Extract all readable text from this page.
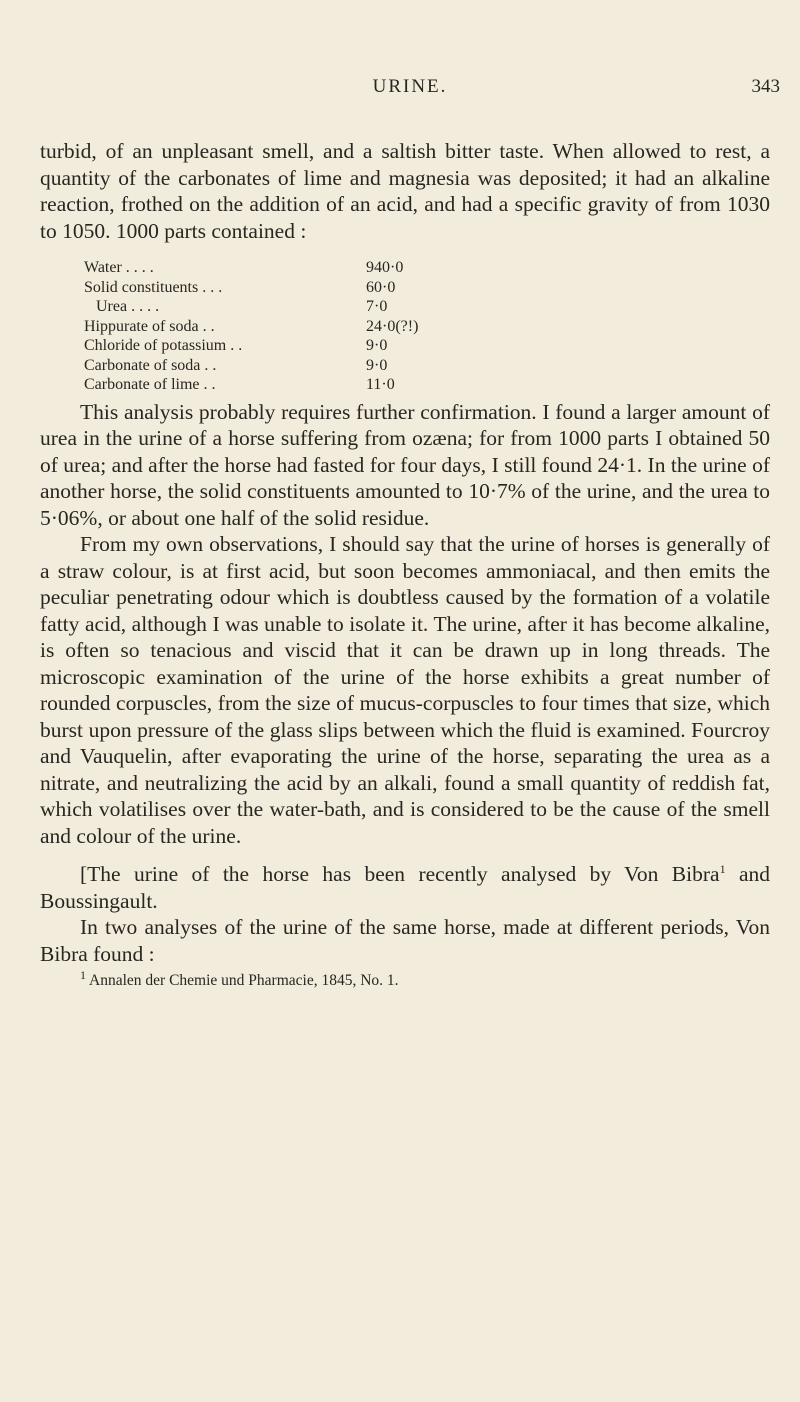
URINE.	343

turbid, of an unpleasant smell, and a saltish bitter taste. When allowed to rest, a quantity of the carbonates of lime and magnesia was deposited; it had an alkaline reaction, frothed on the addition of an acid, and had a specific gravity of from 1030 to 1050. 1000 parts contained :

Water . . . .	940·0
Solid constituents . . .	60·0
Urea . . . .	7·0
Hippurate of soda . .	24·0(?!)
Chloride of potassium . .	9·0
Carbonate of soda . .	9·0
Carbonate of lime . .	11·0

This analysis probably requires further confirmation. I found a larger amount of urea in the urine of a horse suffering from ozæna; for from 1000 parts I obtained 50 of urea; and after the horse had fasted for four days, I still found 24·1. In the urine of another horse, the solid constituents amounted to 10·7% of the urine, and the urea to 5·06%, or about one half of the solid residue.

From my own observations, I should say that the urine of horses is generally of a straw colour, is at first acid, but soon becomes ammoniacal, and then emits the peculiar penetrating odour which is doubtless caused by the formation of a volatile fatty acid, although I was unable to isolate it. The urine, after it has become alkaline, is often so tenacious and viscid that it can be drawn up in long threads. The microscopic examination of the urine of the horse exhibits a great number of rounded corpuscles, from the size of mucus-corpuscles to four times that size, which burst upon pressure of the glass slips between which the fluid is examined. Fourcroy and Vauquelin, after evaporating the urine of the horse, separating the urea as a nitrate, and neutralizing the acid by an alkali, found a small quantity of reddish fat, which volatilises over the water-bath, and is considered to be the cause of the smell and colour of the urine.

[The urine of the horse has been recently analysed by Von Bibra$^1$ and Boussingault.

In two analyses of the urine of the same horse, made at different periods, Von Bibra found :

$^1$ Annalen der Chemie und Pharmacie, 1845, No. 1.
